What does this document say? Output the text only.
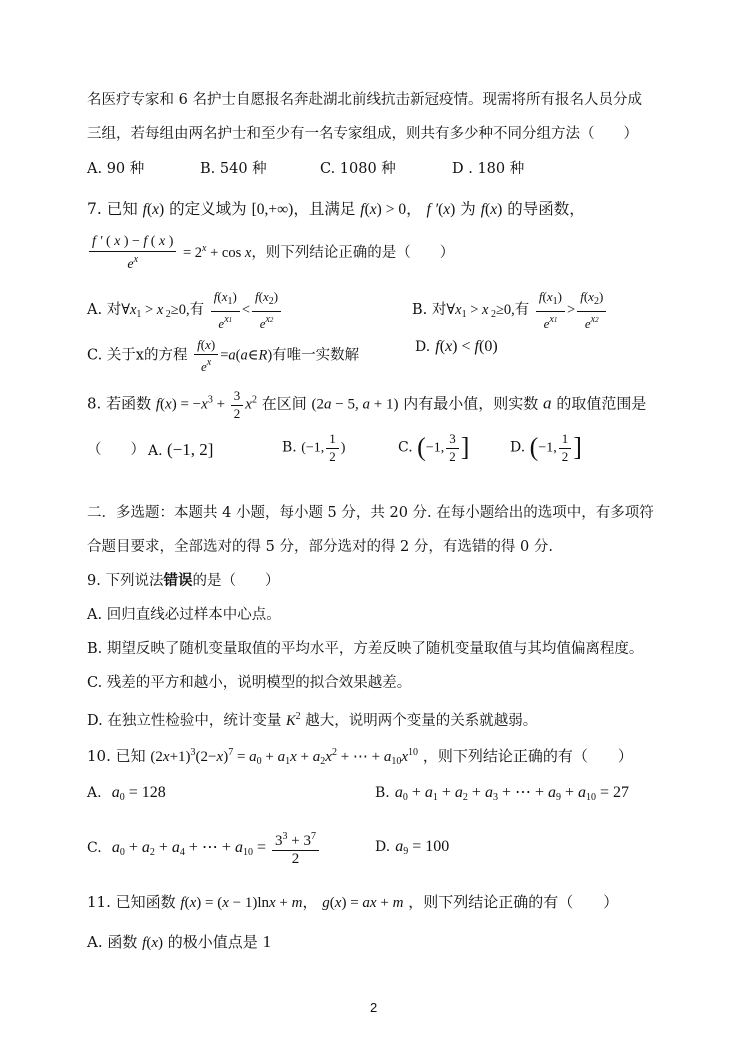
名医疗专家和 6 名护士自愿报名奔赴湖北前线抗击新冠疫情。现需将所有报名人员分成
三组，若每组由两名护士和至少有一名专家组成，则共有多少种不同分组方法（　　）
A. 90 种	B. 540 种	C. 1080 种	D . 180 种
7. 已知 f(x) 的定义域为 [0,+∞)，且满足 f(x) > 0， f ′(x) 为 f(x) 的导函数，
$\frac{f ' ( x ) - f ( x )}{e^x} = 2^x + \cos x$，则下列结论正确的是（　　）
A. 对$\forall x_1 > x$ $_2$≥0,有 $\frac{f(x_1)}{e^{x1}} < \frac{f(x_2)}{e^{x2}}$	B. 对$\forall x_1 > x$ $_2$≥0,有 $\frac{f(x_1)}{e^{x1}} > \frac{f(x_2)}{e^{x2}}$
C. 关于x的方程 $\frac{f(x)}{e^x}$ =a(a∈R)有唯一实数解
D. f(x) < f(0)
8. 若函数 $f(x) = -x^3 + \frac{3}{2} x^2$ 在区间 (2a − 5, a + 1) 内有最小值，则实数 a 的取值范围是
（　　） A. (−1, 2]	B. (−1, $\frac{1}{2}$ )	C. (−1, $\frac{3}{2}$ ]	D. (−1, $\frac{1}{2}$ ]
二．多选题：本题共 4 小题，每小题 5 分，共 20 分. 在每小题给出的选项中，有多项符
合题目要求，全部选对的得 5 分，部分选对的得 2 分，有选错的得 0 分.
9. 下列说法错误的是（　　）
A. 回归直线必过样本中心点。
B. 期望反映了随机变量取值的平均水平，方差反映了随机变量取值与其均值偏离程度。
C. 残差的平方和越小，说明模型的拟合效果越差。
D. 在独立性检验中，统计变量 $K^2$ 越大，说明两个变量的关系就越弱。
10. 已知 $(2x+1)^3(2-x)^7 = a_0 + a_1x + a_2x^2$ + ⋯ + $a_{10}x^{10}$ ，则下列结论正确的有（　　）
A. $a_0 = 128$	B. $a_0 + a_1 + a_2 + a_3$ + ⋯ + $a_9 + a_{10} = 27$
C. $a_0 + a_2 + a_4$ + ⋯ + $a_{10} = \frac{3^3 + 3^7}{2}$	D. $a_9 = 100$
11. 已知函数 f(x) = (x − 1)lnx + m， g(x) = ax + m ，则下列结论正确的有（　　）
A. 函数 f(x) 的极小值点是 1
2
